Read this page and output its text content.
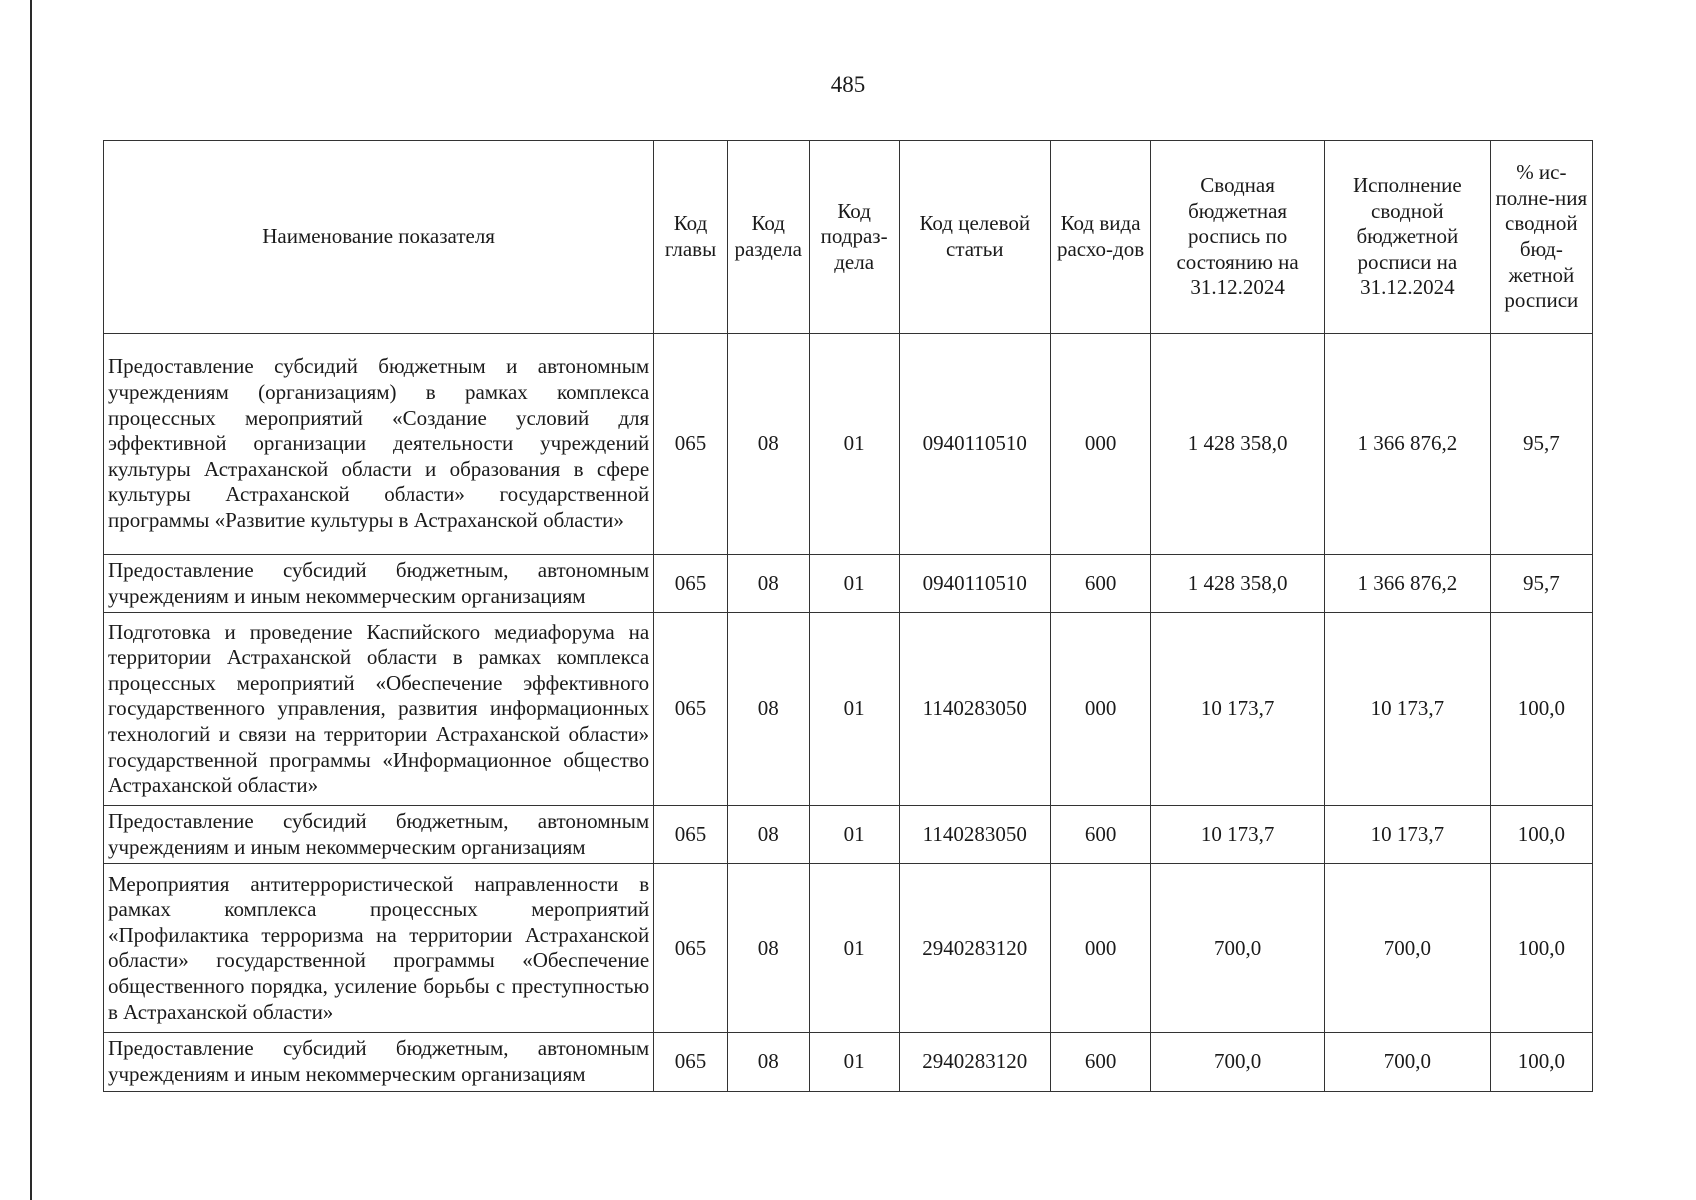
485
Наименование показателя	Код главы	Код раздела	Код подраз-дела	Код целевой статьи	Код вида расхо-дов	Сводная бюджетная роспись по состоянию на 31.12.2024	Исполнение сводной бюджетной росписи на 31.12.2024	% ис-полне-ния сводной бюд-жетной росписи
Предоставление субсидий бюджетным и автономным учреждениям (организациям) в рамках комплекса процессных мероприятий «Создание условий для эффективной организации деятельности учреждений культуры Астраханской области и образования в сфере культуры Астраханской области» государственной программы «Развитие культуры в Астраханской области»	065	08	01	0940110510	000	1 428 358,0	1 366 876,2	95,7
Предоставление субсидий бюджетным, автономным учреждениям и иным некоммерческим организациям	065	08	01	0940110510	600	1 428 358,0	1 366 876,2	95,7
Подготовка и проведение Каспийского медиафорума на территории Астраханской области в рамках комплекса процессных мероприятий «Обеспечение эффективного государственного управления, развития информационных технологий и связи на территории Астраханской области» государственной программы «Информационное общество Астраханской области»	065	08	01	1140283050	000	10 173,7	10 173,7	100,0
Предоставление субсидий бюджетным, автономным учреждениям и иным некоммерческим организациям	065	08	01	1140283050	600	10 173,7	10 173,7	100,0
Мероприятия антитеррористической направленности в рамках комплекса процессных мероприятий «Профилактика терроризма на территории Астраханской области» государственной программы «Обеспечение общественного порядка, усиление борьбы с преступностью в Астраханской области»	065	08	01	2940283120	000	700,0	700,0	100,0
Предоставление субсидий бюджетным, автономным учреждениям и иным некоммерческим организациям	065	08	01	2940283120	600	700,0	700,0	100,0
